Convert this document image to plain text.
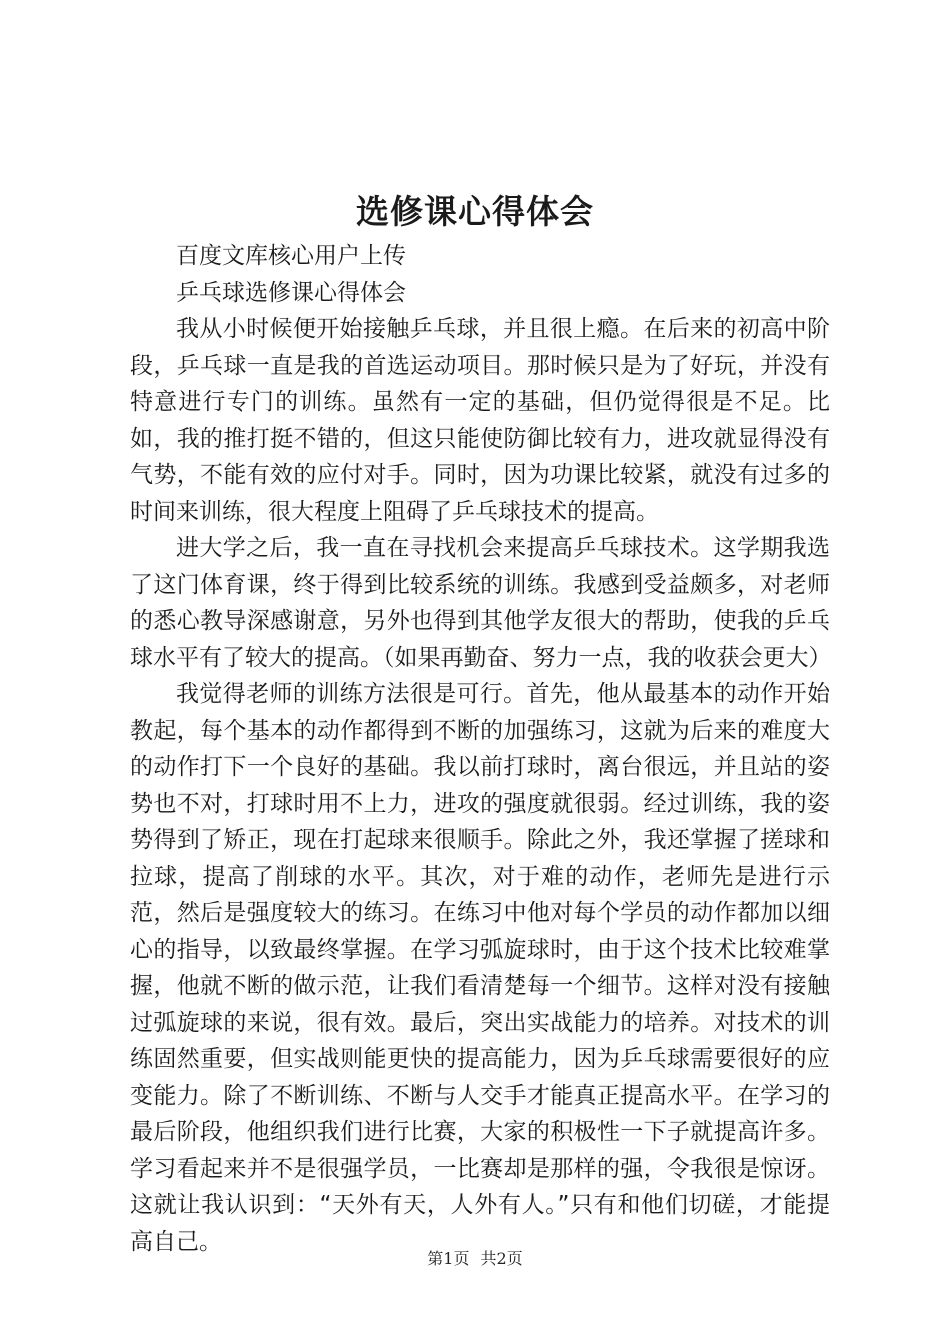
选修课心得体会

百度文库核心用户上传

乒乓球选修课心得体会

我从小时候便开始接触乒乓球，并且很上瘾。在后来的初高中阶段，乒乓球一直是我的首选运动项目。那时候只是为了好玩，并没有特意进行专门的训练。虽然有一定的基础，但仍觉得很是不足。比如，我的推打挺不错的，但这只能使防御比较有力，进攻就显得没有气势，不能有效的应付对手。同时，因为功课比较紧，就没有过多的时间来训练，很大程度上阻碍了乒乓球技术的提高。

进大学之后，我一直在寻找机会来提高乒乓球技术。这学期我选了这门体育课，终于得到比较系统的训练。我感到受益颇多，对老师的悉心教导深感谢意，另外也得到其他学友很大的帮助，使我的乒乓球水平有了较大的提高。（如果再勤奋、努力一点，我的收获会更大）

我觉得老师的训练方法很是可行。首先，他从最基本的动作开始教起，每个基本的动作都得到不断的加强练习，这就为后来的难度大的动作打下一个良好的基础。我以前打球时，离台很远，并且站的姿势也不对，打球时用不上力，进攻的强度就很弱。经过训练，我的姿势得到了矫正，现在打起球来很顺手。除此之外，我还掌握了搓球和拉球，提高了削球的水平。其次，对于难的动作，老师先是进行示范，然后是强度较大的练习。在练习中他对每个学员的动作都加以细心的指导，以致最终掌握。在学习弧旋球时，由于这个技术比较难掌握，他就不断的做示范，让我们看清楚每一个细节。这样对没有接触过弧旋球的来说，很有效。最后，突出实战能力的培养。对技术的训练固然重要，但实战则能更快的提高能力，因为乒乓球需要很好的应变能力。除了不断训练、不断与人交手才能真正提高水平。在学习的最后阶段，他组织我们进行比赛，大家的积极性一下子就提高许多。学习看起来并不是很强学员，一比赛却是那样的强，令我很是惊讶。这就让我认识到：“天外有天，人外有人。”只有和他们切磋，才能提高自己。

第1页 共2页
